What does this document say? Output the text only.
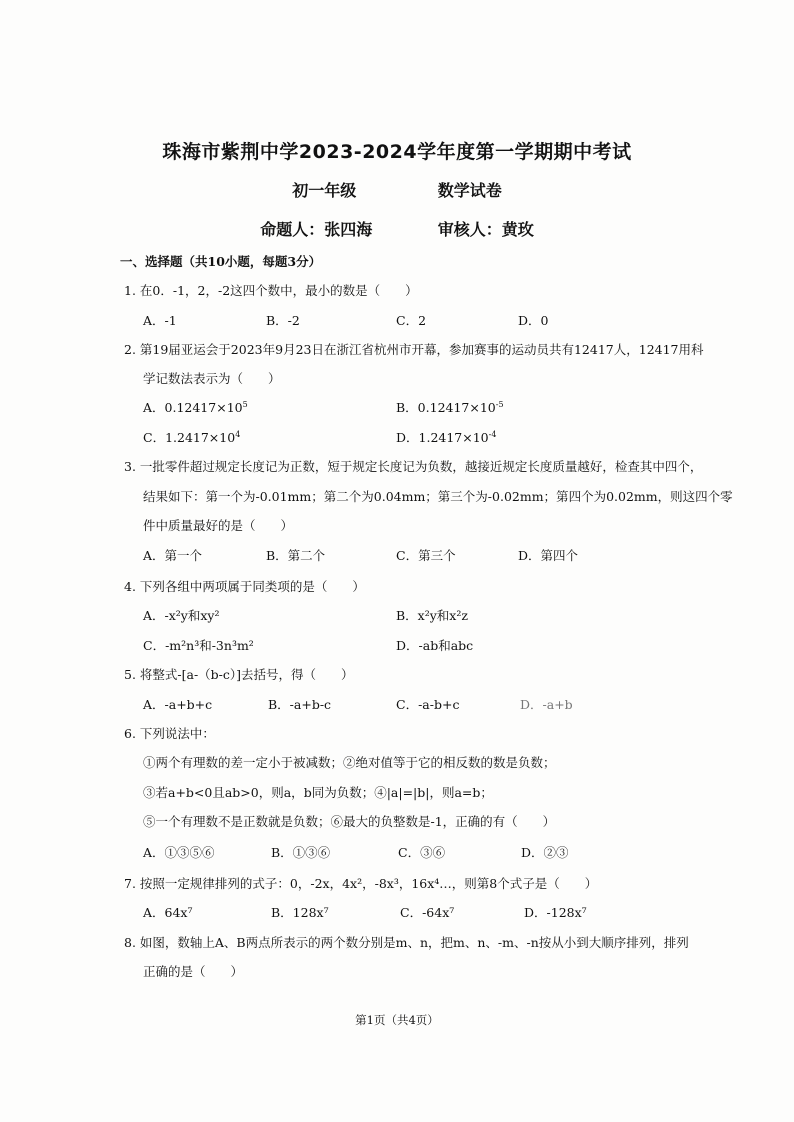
珠海市紫荆中学2023-2024学年度第一学期期中考试
初一年级	数学试卷
命题人：张四海	审核人：黄玫
一、选择题（共10小题，每题3分）
1. 在0．-1，2，-2这四个数中，最小的数是（　　）
A．-1	B．-2	C．2	D．0
2. 第19届亚运会于2023年9月23日在浙江省杭州市开幕，参加赛事的运动员共有12417人，12417用科
学记数法表示为（　　）
A．$0.12417\times 10^5$	B．$0.12417\times 10^{-5}$
C．$1.2417\times 10^4$	D．$1.2417\times 10^{-4}$
3. 一批零件超过规定长度记为正数，短于规定长度记为负数，越接近规定长度质量越好，检查其中四个，
结果如下：第一个为-0.01mm；第二个为0.04mm；第三个为-0.02mm；第四个为0.02mm，则这四个零
件中质量最好的是（　　）
A．第一个	B．第二个	C．第三个	D．第四个
4. 下列各组中两项属于同类项的是（　　）
A．-x²y和xy²	B．x²y和x²z
C．-m²n³和-3n³m²	D．-ab和abc
5. 将整式-[a-（b-c）]去括号，得（　　）
A．-a+b+c	B．-a+b-c	C．-a-b+c	D．-a+b
6. 下列说法中：
①两个有理数的差一定小于被减数；②绝对值等于它的相反数的数是负数；
③若a+b<0且ab>0，则a，b同为负数；④|a|=|b|，则a=b；
⑤一个有理数不是正数就是负数；⑥最大的负整数是-1，正确的有（　　）
A．①③⑤⑥	B．①③⑥	C．③⑥	D．②③
7. 按照一定规律排列的式子：0，-2x，4x²，-8x³，16x⁴…，则第8个式子是（　　）
A．64x⁷	B．128x⁷	C．-64x⁷	D．-128x⁷
8. 如图，数轴上A、B两点所表示的两个数分别是m、n，把m、n、-m、-n按从小到大顺序排列，排列
正确的是（　　）
第1页（共4页）
